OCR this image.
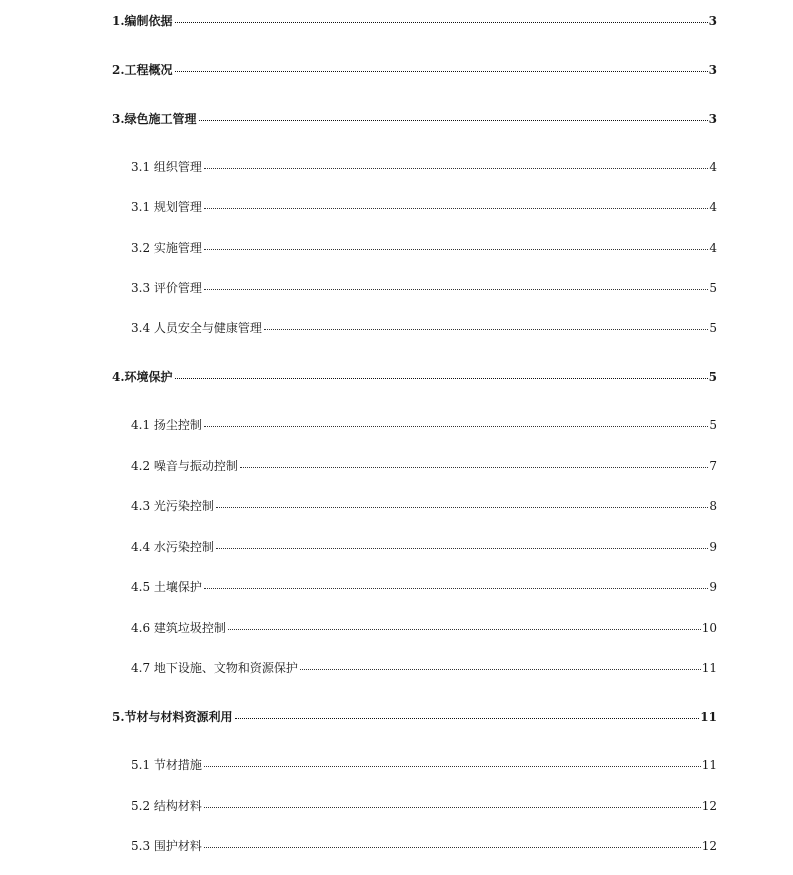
1.编制依据	3
2.工程概况	3
3.绿色施工管理	3
3.1 组织管理	4
3.1 规划管理	4
3.2 实施管理	4
3.3 评价管理	5
3.4 人员安全与健康管理	5
4.环境保护	5
4.1 扬尘控制	5
4.2 噪音与振动控制	7
4.3 光污染控制	8
4.4 水污染控制	9
4.5 土壤保护	9
4.6 建筑垃圾控制	10
4.7 地下设施、文物和资源保护	11
5.节材与材料资源利用	11
5.1 节材措施	11
5.2 结构材料	12
5.3 围护材料	12
